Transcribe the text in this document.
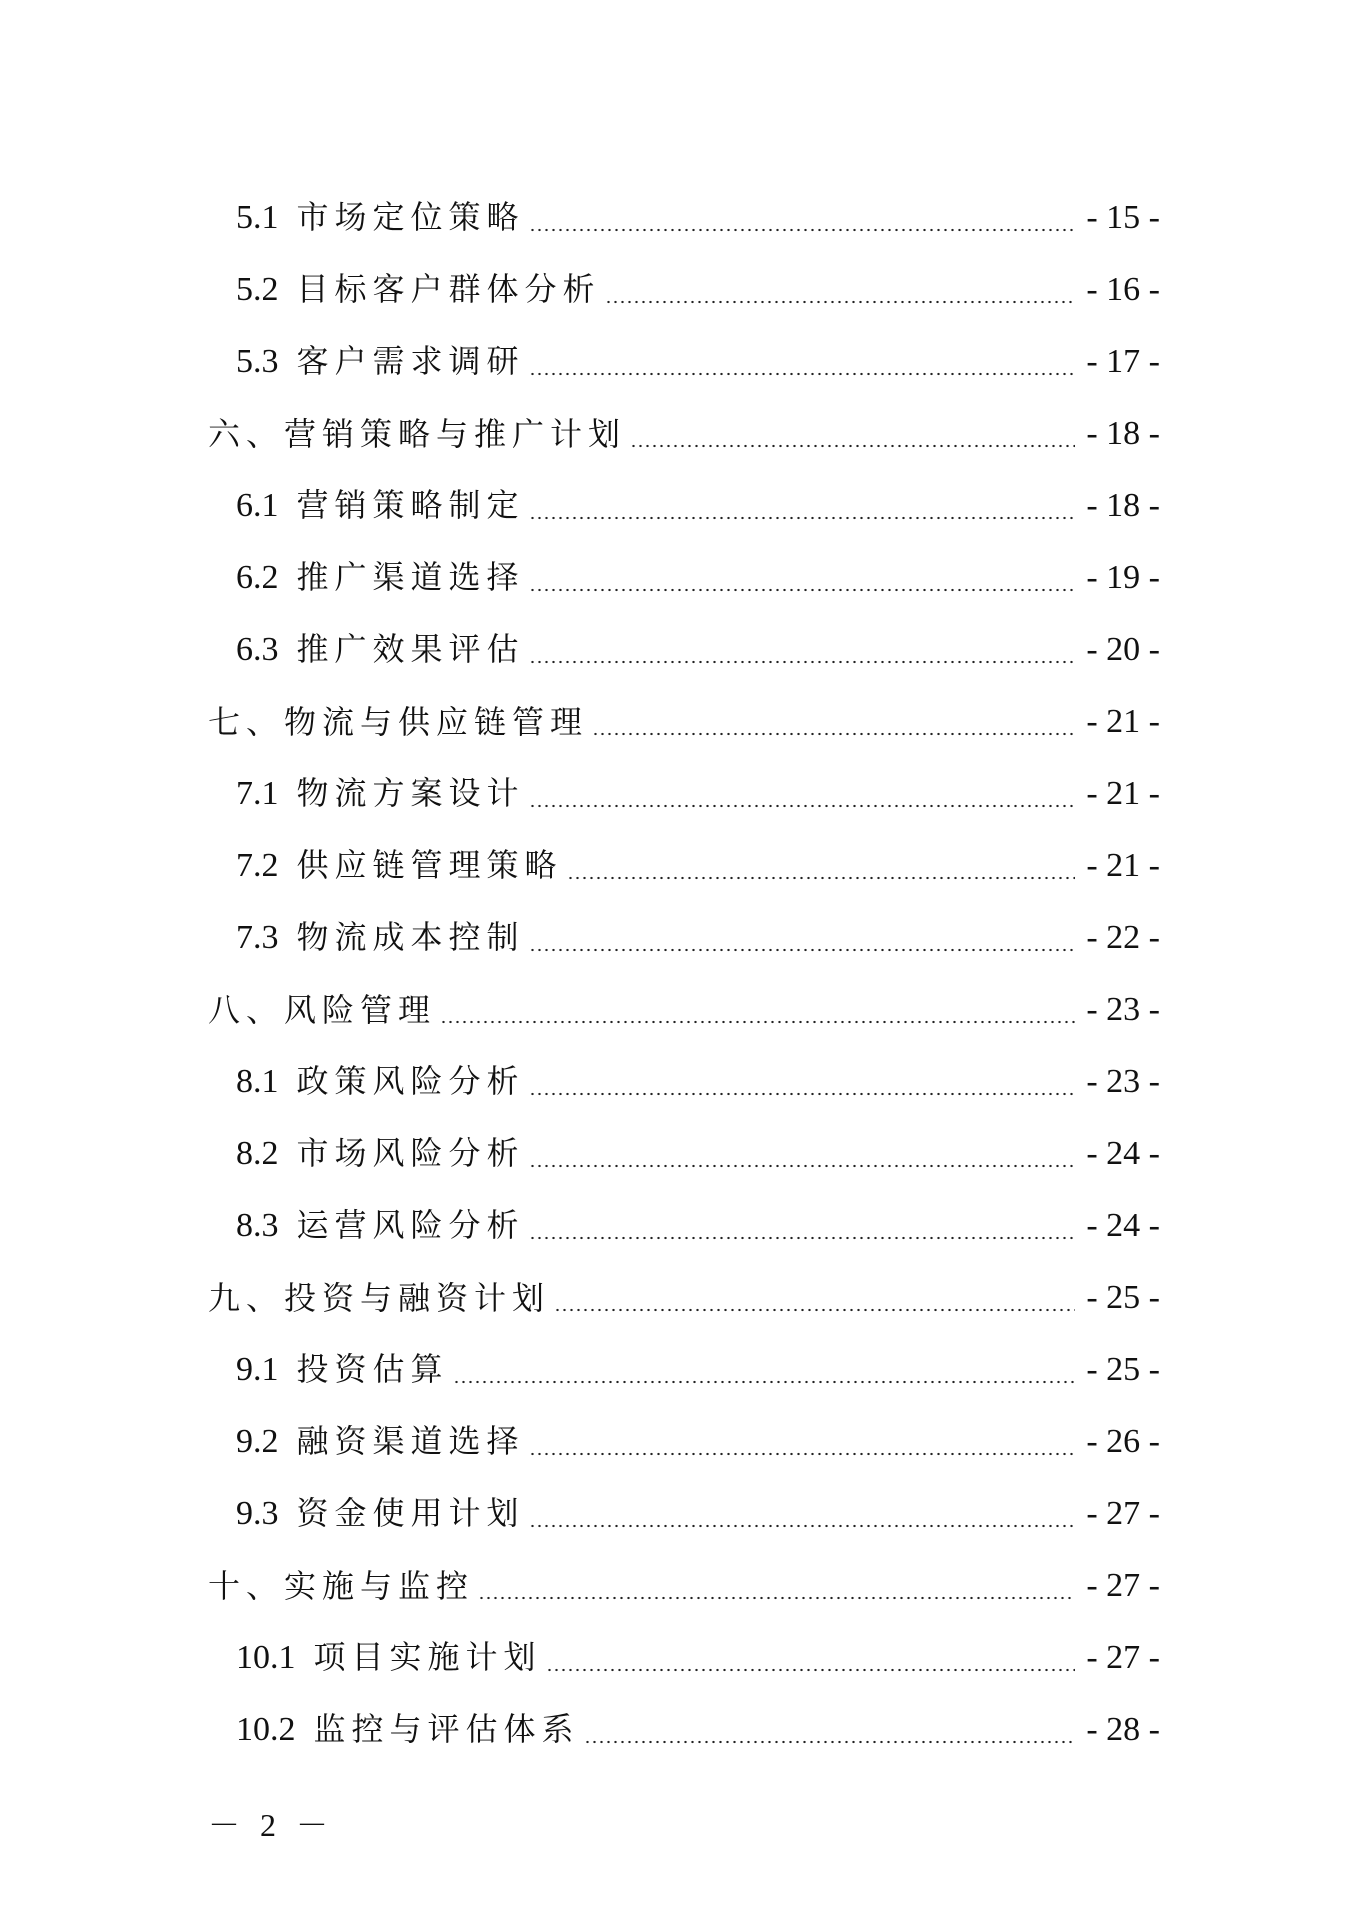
5.1 市场定位策略	- 15 -
5.2 目标客户群体分析	- 16 -
5.3 客户需求调研	- 17 -
六、营销策略与推广计划	- 18 -
6.1 营销策略制定	- 18 -
6.2 推广渠道选择	- 19 -
6.3 推广效果评估	- 20 -
七、物流与供应链管理	- 21 -
7.1 物流方案设计	- 21 -
7.2 供应链管理策略	- 21 -
7.3 物流成本控制	- 22 -
八、风险管理	- 23 -
8.1 政策风险分析	- 23 -
8.2 市场风险分析	- 24 -
8.3 运营风险分析	- 24 -
九、投资与融资计划	- 25 -
9.1 投资估算	- 25 -
9.2 融资渠道选择	- 26 -
9.3 资金使用计划	- 27 -
十、实施与监控	- 27 -
10.1 项目实施计划	- 27 -
10.2 监控与评估体系	- 28 -
－ 2 －
